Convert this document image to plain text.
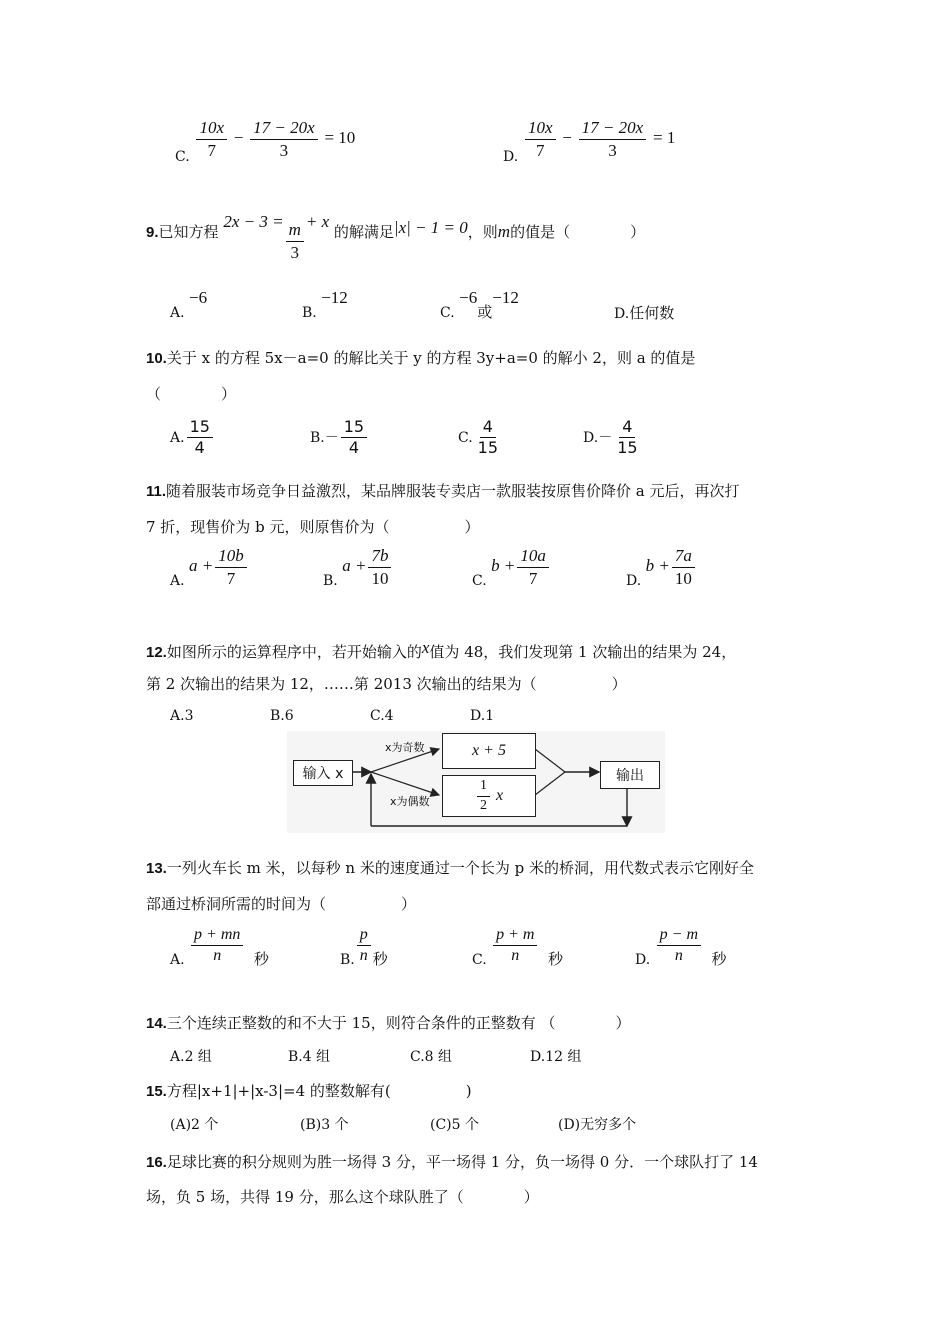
C. $\frac{10x}{7} - \frac{17 - 20x}{3} = 10$
D. $\frac{10x}{7} - \frac{17 - 20x}{3} = 1$
9.已知方程 $2x - 3 = \frac{m}{3} + x$ 的解满足|x| − 1 = 0，则m的值是（　　　　）
A. −6
B. −12
C. −6或−12
D.任何数
10.关于 x 的方程 5x－a=0 的解比关于 y 的方程 3y+a=0 的解小 2，则 a 的值是
（　　　　）
A. $\frac{15}{4}$	$B.- \frac{15}{4}$	C. $\frac{4}{15}$	$D.- \frac{4}{15}$
11.随着服装市场竞争日益激烈，某品牌服装专卖店一款服装按原售价降价 a 元后，再次打
7 折，现售价为 b 元，则原售价为（　　　　　）
A. $a + \frac{10b}{7}$	B. $a + \frac{7b}{10}$	C. $b + \frac{10a}{7}$	D. $b + \frac{7a}{10}$
12.如图所示的运算程序中，若开始输入的x值为 48，我们发现第 1 次输出的结果为 24，
第 2 次输出的结果为 12，……第 2013 次输出的结果为（　　　　　）
A.3	B.6	C.4	D.1
输入 x
x为奇数
x为偶数
x + 5
$\frac{1}{2}$ x
输出
13.一列火车长 m 米，以每秒 n 米的速度通过一个长为 p 米的桥洞，用代数式表示它刚好全
部通过桥洞所需的时间为（　　　　　）
A. $\frac{p + mn}{n}$ 秒	B. $\frac{p}{n}$ 秒	C. $\frac{p + m}{n}$ 秒	D. $\frac{p - m}{n}$ 秒
14.三个连续正整数的和不大于 15，则符合条件的正整数有 （　　　　）
A.2 组	B.4 组	C.8 组	D.12 组
15.方程|x+1|+|x-3|=4 的整数解有(　　　　　)
(A)2 个	(B)3 个	(C)5 个	(D)无穷多个
16.足球比赛的积分规则为胜一场得 3 分，平一场得 1 分，负一场得 0 分．一个球队打了 14
场，负 5 场，共得 19 分，那么这个球队胜了（　　　　）
